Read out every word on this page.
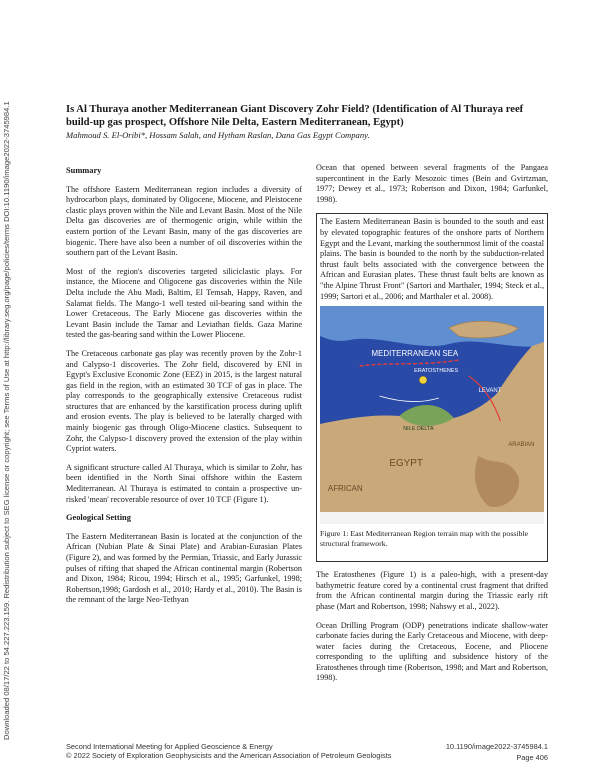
Downloaded 08/17/22 to 54.227.223.159. Redistribution subject to SEG license or copyright; see Terms of Use at http://library.seg.org/page/policies/terms DOI:10.1190/image2022-3745984.1	Is Al Thuraya another Mediterranean Giant Discovery Zohr Field? (Identification of Al Thuraya reef build-up gas prospect, Offshore Nile Delta, Eastern Mediterranean, Egypt)

Mahmoud S. El-Oribi*, Hossam Salah, and Hytham Raslan, Dana Gas Egypt Company.
Summary

The offshore Eastern Mediterranean region includes a diversity of hydrocarbon plays, dominated by Oligocene, Miocene, and Pleistocene clastic plays proven within the Nile and Levant Basin. Most of the Nile Delta gas discoveries are of thermogenic origin, while within the eastern portion of the Levant Basin, many of the gas discoveries are biogenic. There have also been a number of oil discoveries within the southern part of the Levant Basin.

Most of the region's discoveries targeted siliciclastic plays. For instance, the Miocene and Oligocene gas discoveries within the Nile Delta include the Abu Madi, Baltim, El Temsah, Happy, Raven, and Salamat fields. The Mango-1 well tested oil-bearing sand within the Lower Cretaceous. The Early Miocene gas discoveries within the Levant Basin include the Tamar and Leviathan fields. Gaza Marine tested the gas-bearing sand within the Lower Pliocene.

The Cretaceous carbonate gas play was recently proven by the Zohr-1 and Calypso-1 discoveries. The Zohr field, discovered by ENI in Egypt's Exclusive Economic Zone (EEZ) in 2015, is the largest natural gas field in the region, with an estimated 30 TCF of gas in place. The play corresponds to the geographically extensive Cretaceous rudist structures that are enhanced by the karstification process during uplift and erosion events. The play is believed to be laterally charged with mainly biogenic gas through Oligo-Miocene clastics. Subsequent to Zohr, the Calypso-1 discovery proved the extension of the play within Cypriot waters.

A significant structure called Al Thuraya, which is similar to Zohr, has been identified in the North Sinai offshore within the Eastern Mediterranean. Al Thuraya is estimated to contain a prospective un-risked 'mean' recoverable resource of over 10 TCF (Figure 1).

Geological Setting

The Eastern Mediterranean Basin is located at the conjunction of the African (Nubian Plate & Sinai Plate) and Arabian-Eurasian Plates (Figure 2), and was formed by the Permian, Triassic, and Early Jurassic pulses of rifting that shaped the African continental margin (Robertson and Dixon, 1984; Ricou, 1994; Hirsch et al., 1995; Garfunkel, 1998; Robertson,1998; Gardosh et al., 2010; Hardy et al., 2010). The Basin is the remnant of the large Neo-Tethyan

Ocean that opened between several fragments of the Pangaea supercontinent in the Early Mesozoic times (Bein and Gvirtzman, 1977; Dewey et al., 1973; Robertson and Dixon, 1984; Garfunkel, 1998).

The Eastern Mediterranean Basin is bounded to the south and east by elevated topographic features of the onshore parts of Northern Egypt and the Levant, marking the southernmost limit of the coastal plains. The basin is bounded to the north by the subduction-related thrust fault belts associated with the convergence between the African and Eurasian plates. These thrust fault belts are known as "the Alpine Thrust Front" (Sartori and Marthaler, 1994; Steck et al., 1999; Sartori et al., 2006; and Marthaler et al. 2008).

MEDITERRANEAN SEA
ERATOSTHENES
NILE DELTA
LEVANT
EGYPT
AFRICAN
ARABIAN
Figure 1: East Mediterranean Region terrain map with the possible structural framework.

The Eratosthenes (Figure 1) is a paleo-high, with a present-day bathymetric feature cored by a continental crust fragment that drifted from the African continental margin during the Triassic early rift phase (Mart and Robertson, 1998; Nahswy et al., 2022).

Ocean Drilling Program (ODP) penetrations indicate shallow-water carbonate facies during the Early Cretaceous and Miocene, with deep-water facies during the Cretaceous, Eocene, and Pliocene corresponding to the uplifting and subsidence history of the Eratosthenes through time (Robertson, 1998; and Mart and Robertson, 1998).

Second International Meeting for Applied Geoscience & Energy
© 2022 Society of Exploration Geophysicists and the American Association of Petroleum Geologists
10.1190/image2022-3745984.1
Page 406
